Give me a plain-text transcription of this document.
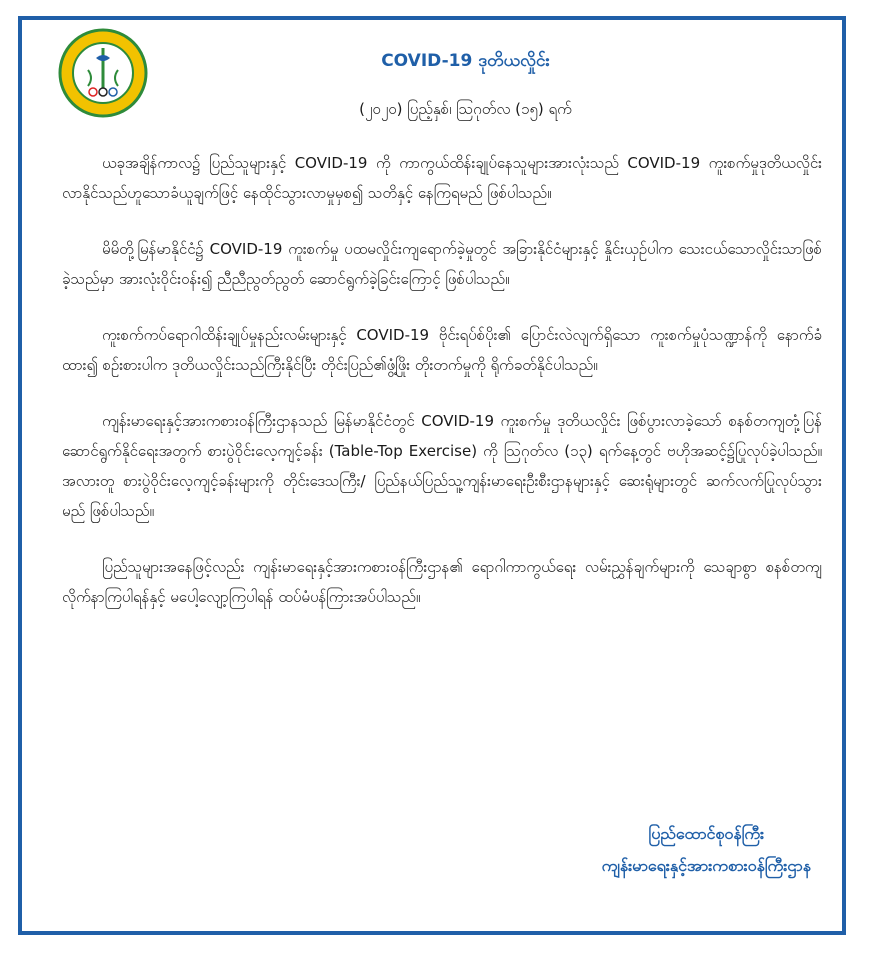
COVID-19 ဒုတိယလှိုင်း
(၂၀၂၀) ပြည့်နှစ်၊ ဩဂုတ်လ (၁၅) ရက်

ယခုအချိန်ကာလ၌ ပြည်သူများနှင့် COVID-19 ကို ကာကွယ်ထိန်းချုပ်နေသူများအားလုံးသည် COVID-19 ကူးစက်မှုဒုတိယလှိုင်း လာနိုင်သည်ဟူသောခံယူချက်ဖြင့် နေထိုင်သွားလာမှုမှစ၍ သတိနှင့် နေကြရမည် ဖြစ်ပါသည်။

မိမိတို့မြန်မာနိုင်ငံ၌ COVID-19 ကူးစက်မှု ပထမလှိုင်းကျရောက်ခဲ့မှုတွင် အခြားနိုင်ငံများနှင့် နှိုင်းယှဉ်ပါက သေးငယ်သောလှိုင်းသာဖြစ်ခဲ့သည်မှာ အားလုံးဝိုင်းဝန်း၍ ညီညီညွတ်ညွတ် ဆောင်ရွက်ခဲ့ခြင်းကြောင့် ဖြစ်ပါသည်။

ကူးစက်ကပ်ရောဂါထိန်းချုပ်မှုနည်းလမ်းများနှင့် COVID-19 ဗိုင်းရပ်စ်ပိုး၏ ပြောင်းလဲလျက်ရှိသော ကူးစက်မှုပုံသဏ္ဍာန်ကို နောက်ခံထား၍ စဉ်းစားပါက ဒုတိယလှိုင်းသည်ကြီးနိုင်ပြီး တိုင်းပြည်၏ဖွံ့ဖြိုး တိုးတက်မှုကို ရိုက်ခတ်နိုင်ပါသည်။

ကျန်းမာရေးနှင့်အားကစားဝန်ကြီးဌာနသည် မြန်မာနိုင်ငံတွင် COVID-19 ကူးစက်မှု ဒုတိယလှိုင်း ဖြစ်ပွားလာခဲ့သော် စနစ်တကျတုံ့ပြန်ဆောင်ရွက်နိုင်ရေးအတွက် စားပွဲဝိုင်းလေ့ကျင့်ခန်း (Table-Top Exercise) ကို ဩဂုတ်လ (၁၃) ရက်နေ့တွင် ဗဟိုအဆင့်၌ပြုလုပ်ခဲ့ပါသည်။ အလားတူ စားပွဲဝိုင်းလေ့ကျင့်ခန်းများကို တိုင်းဒေသကြီး/ ပြည်နယ်ပြည်သူ့ကျန်းမာရေးဦးစီးဌာနများနှင့် ဆေးရုံများတွင် ဆက်လက်ပြုလုပ်သွားမည် ဖြစ်ပါသည်။

ပြည်သူများအနေဖြင့်လည်း ကျန်းမာရေးနှင့်အားကစားဝန်ကြီးဌာန၏ ရောဂါကာကွယ်ရေး လမ်းညွှန်ချက်များကို သေချာစွာ စနစ်တကျလိုက်နာကြပါရန်နှင့် မပေါ့လျော့ကြပါရန် ထပ်မံပန်ကြားအပ်ပါသည်။

ပြည်ထောင်စုဝန်ကြီး
ကျန်းမာရေးနှင့်အားကစားဝန်ကြီးဌာန
